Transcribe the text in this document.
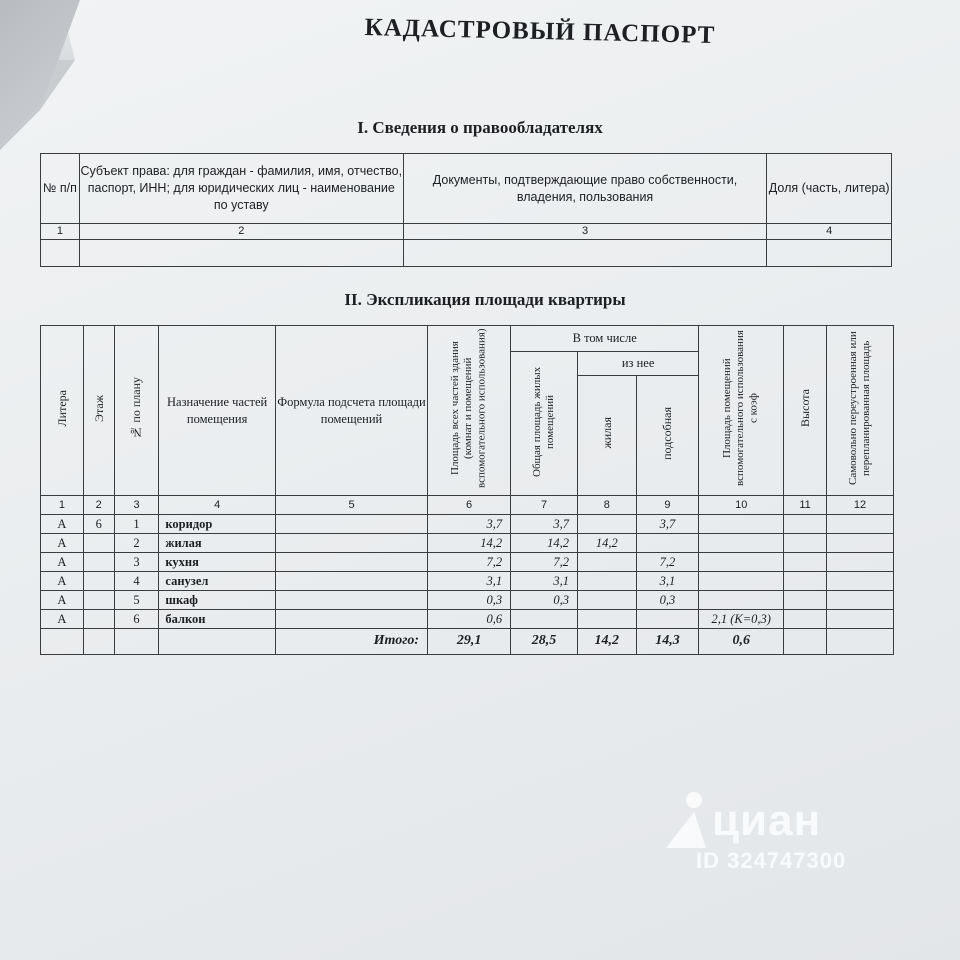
КАДАСТРОВЫЙ ПАСПОРТ
I. Сведения о правообладателях
№ п/п	Субъект права: для граждан - фамилия, имя, отчество, паспорт, ИНН; для юридических лиц - наименование по уставу	Документы, подтверждающие право собственности, владения, пользования	Доля (часть, литера)
1	2	3	4

II. Экспликация площади квартиры
Литера	Этаж	№ по плану	Назначение частей помещения	Формула подсчета площади помещений	Площадь всех частей здания (комнат и помещений вспомогательного использования)	В том числе			Площадь помещений вспомогательного использования с коэф	Высота	Самовольно переустроенная или перепланированная площадь
						Общая площадь жилых помещений	из нее				
							жилая	подсобная			
1	2	3	4	5	6	7	8	9	10	11	12
А	6	1	коридор		3,7	3,7		3,7			
А		2	жилая		14,2	14,2	14,2				
А		3	кухня		7,2	7,2		7,2			
А		4	санузел		3,1	3,1		3,1			
А		5	шкаф		0,3	0,3		0,3			
А		6	балкон		0,6				2,1 (К=0,3)		
				Итого:	29,1	28,5	14,2	14,3	0,6		
циан
ID 324747300
